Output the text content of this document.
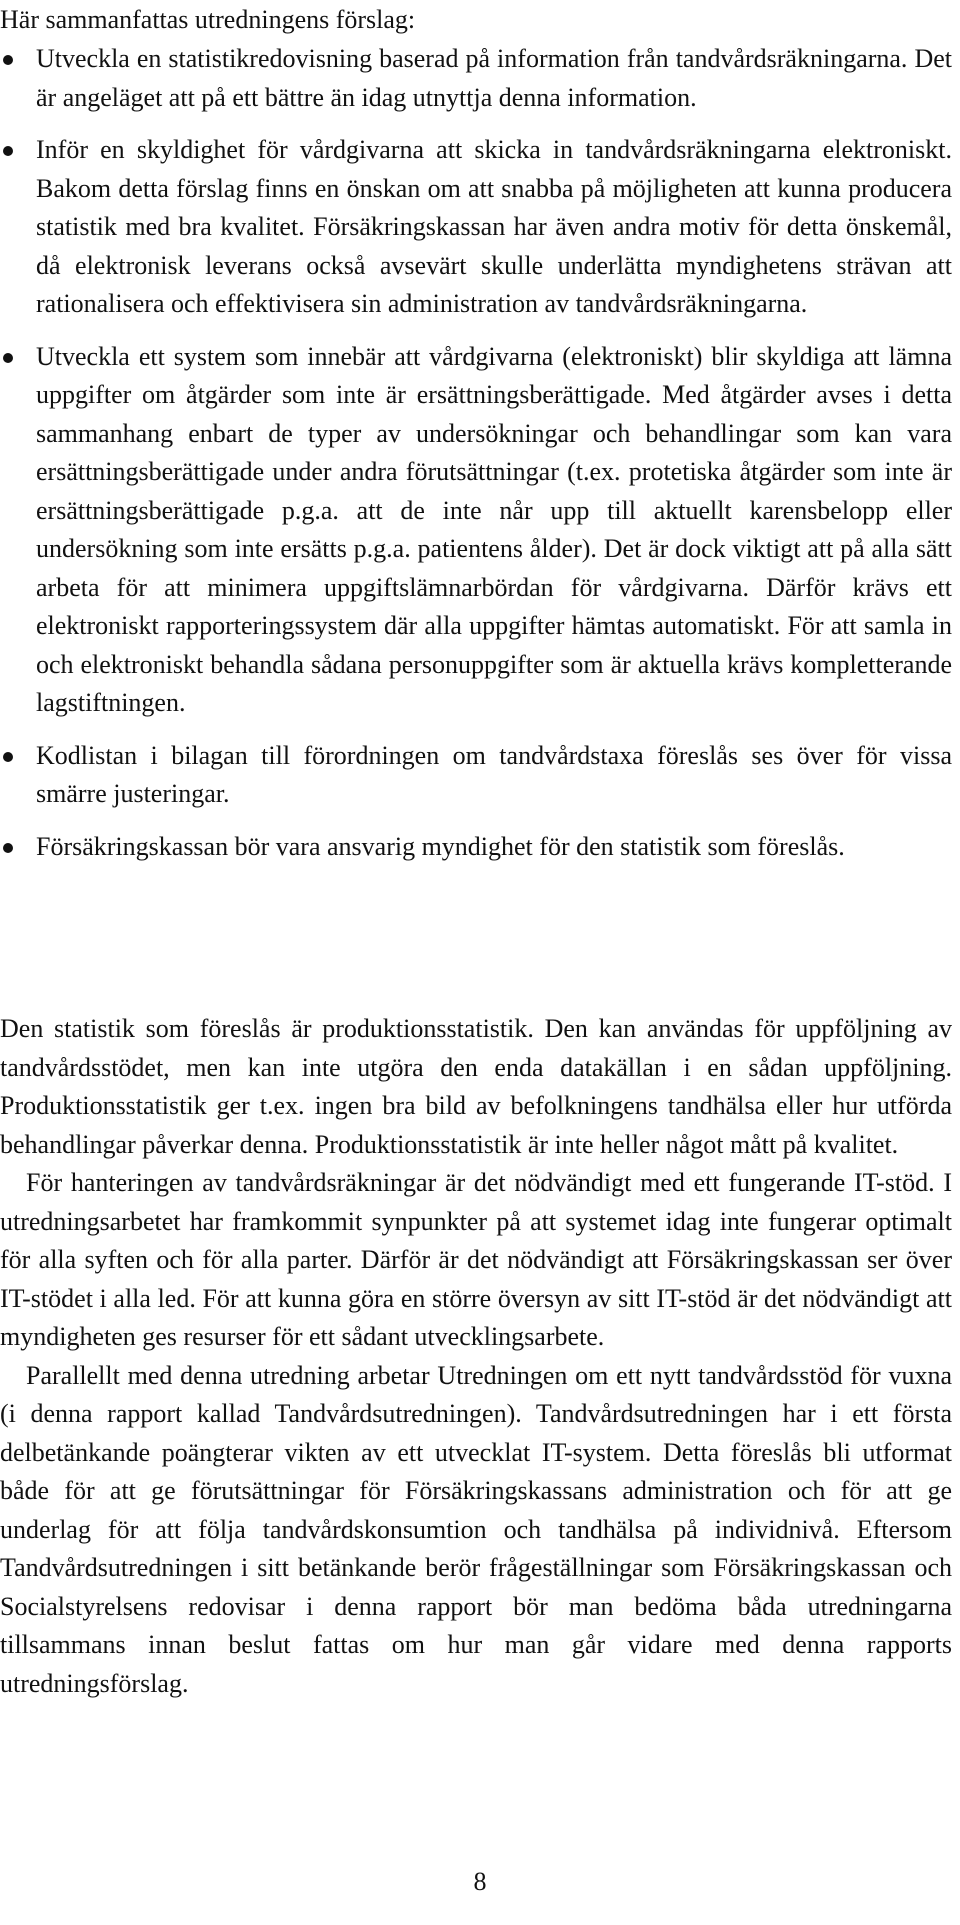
Här sammanfattas utredningens förslag:

Utveckla en statistikredovisning baserad på information från tandvårdsräkningarna. Det är angeläget att på ett bättre än idag utnyttja denna information.
Inför en skyldighet för vårdgivarna att skicka in tandvårdsräkningarna elektroniskt. Bakom detta förslag finns en önskan om att snabba på möjligheten att kunna producera statistik med bra kvalitet. Försäkringskassan har även andra motiv för detta önskemål, då elektronisk leverans också avsevärt skulle underlätta myndighetens strävan att rationalisera och effektivisera sin administration av tandvårdsräkningarna.
Utveckla ett system som innebär att vårdgivarna (elektroniskt) blir skyldiga att lämna uppgifter om åtgärder som inte är ersättningsberättigade. Med åtgärder avses i detta sammanhang enbart de typer av undersökningar och behandlingar som kan vara ersättningsberättigade under andra förutsättningar (t.ex. protetiska åtgärder som inte är ersättningsberättigade p.g.a. att de inte når upp till aktuellt karensbelopp eller undersökning som inte ersätts p.g.a. patientens ålder). Det är dock viktigt att på alla sätt arbeta för att minimera uppgiftslämnarbördan för vårdgivarna. Därför krävs ett elektroniskt rapporteringssystem där alla uppgifter hämtas automatiskt. För att samla in och elektroniskt behandla sådana personuppgifter som är aktuella krävs kompletterande lagstiftningen.
Kodlistan i bilagan till förordningen om tandvårdstaxa föreslås ses över för vissa smärre justeringar.
Försäkringskassan bör vara ansvarig myndighet för den statistik som föreslås.

Den statistik som föreslås är produktionsstatistik. Den kan användas för uppföljning av tandvårdsstödet, men kan inte utgöra den enda datakällan i en sådan uppföljning. Produktionsstatistik ger t.ex. ingen bra bild av befolkningens tandhälsa eller hur utförda behandlingar påverkar denna. Produktionsstatistik är inte heller något mått på kvalitet.

För hanteringen av tandvårdsräkningar är det nödvändigt med ett fungerande IT-stöd. I utredningsarbetet har framkommit synpunkter på att systemet idag inte fungerar optimalt för alla syften och för alla parter. Därför är det nödvändigt att Försäkringskassan ser över IT-stödet i alla led. För att kunna göra en större översyn av sitt IT-stöd är det nödvändigt att myndigheten ges resurser för ett sådant utvecklingsarbete.

Parallellt med denna utredning arbetar Utredningen om ett nytt tandvårdsstöd för vuxna (i denna rapport kallad Tandvårdsutredningen). Tandvårdsutredningen har i ett första delbetänkande poängterar vikten av ett utvecklat IT-system. Detta föreslås bli utformat både för att ge förutsättningar för Försäkringskassans administration och för att ge underlag för att följa tandvårdskonsumtion och tandhälsa på individnivå. Eftersom Tandvårdsutredningen i sitt betänkande berör frågeställningar som Försäkringskassan och Socialstyrelsens redovisar i denna rapport bör man bedöma båda utredningarna tillsammans innan beslut fattas om hur man går vidare med denna rapports utredningsförslag.

8
